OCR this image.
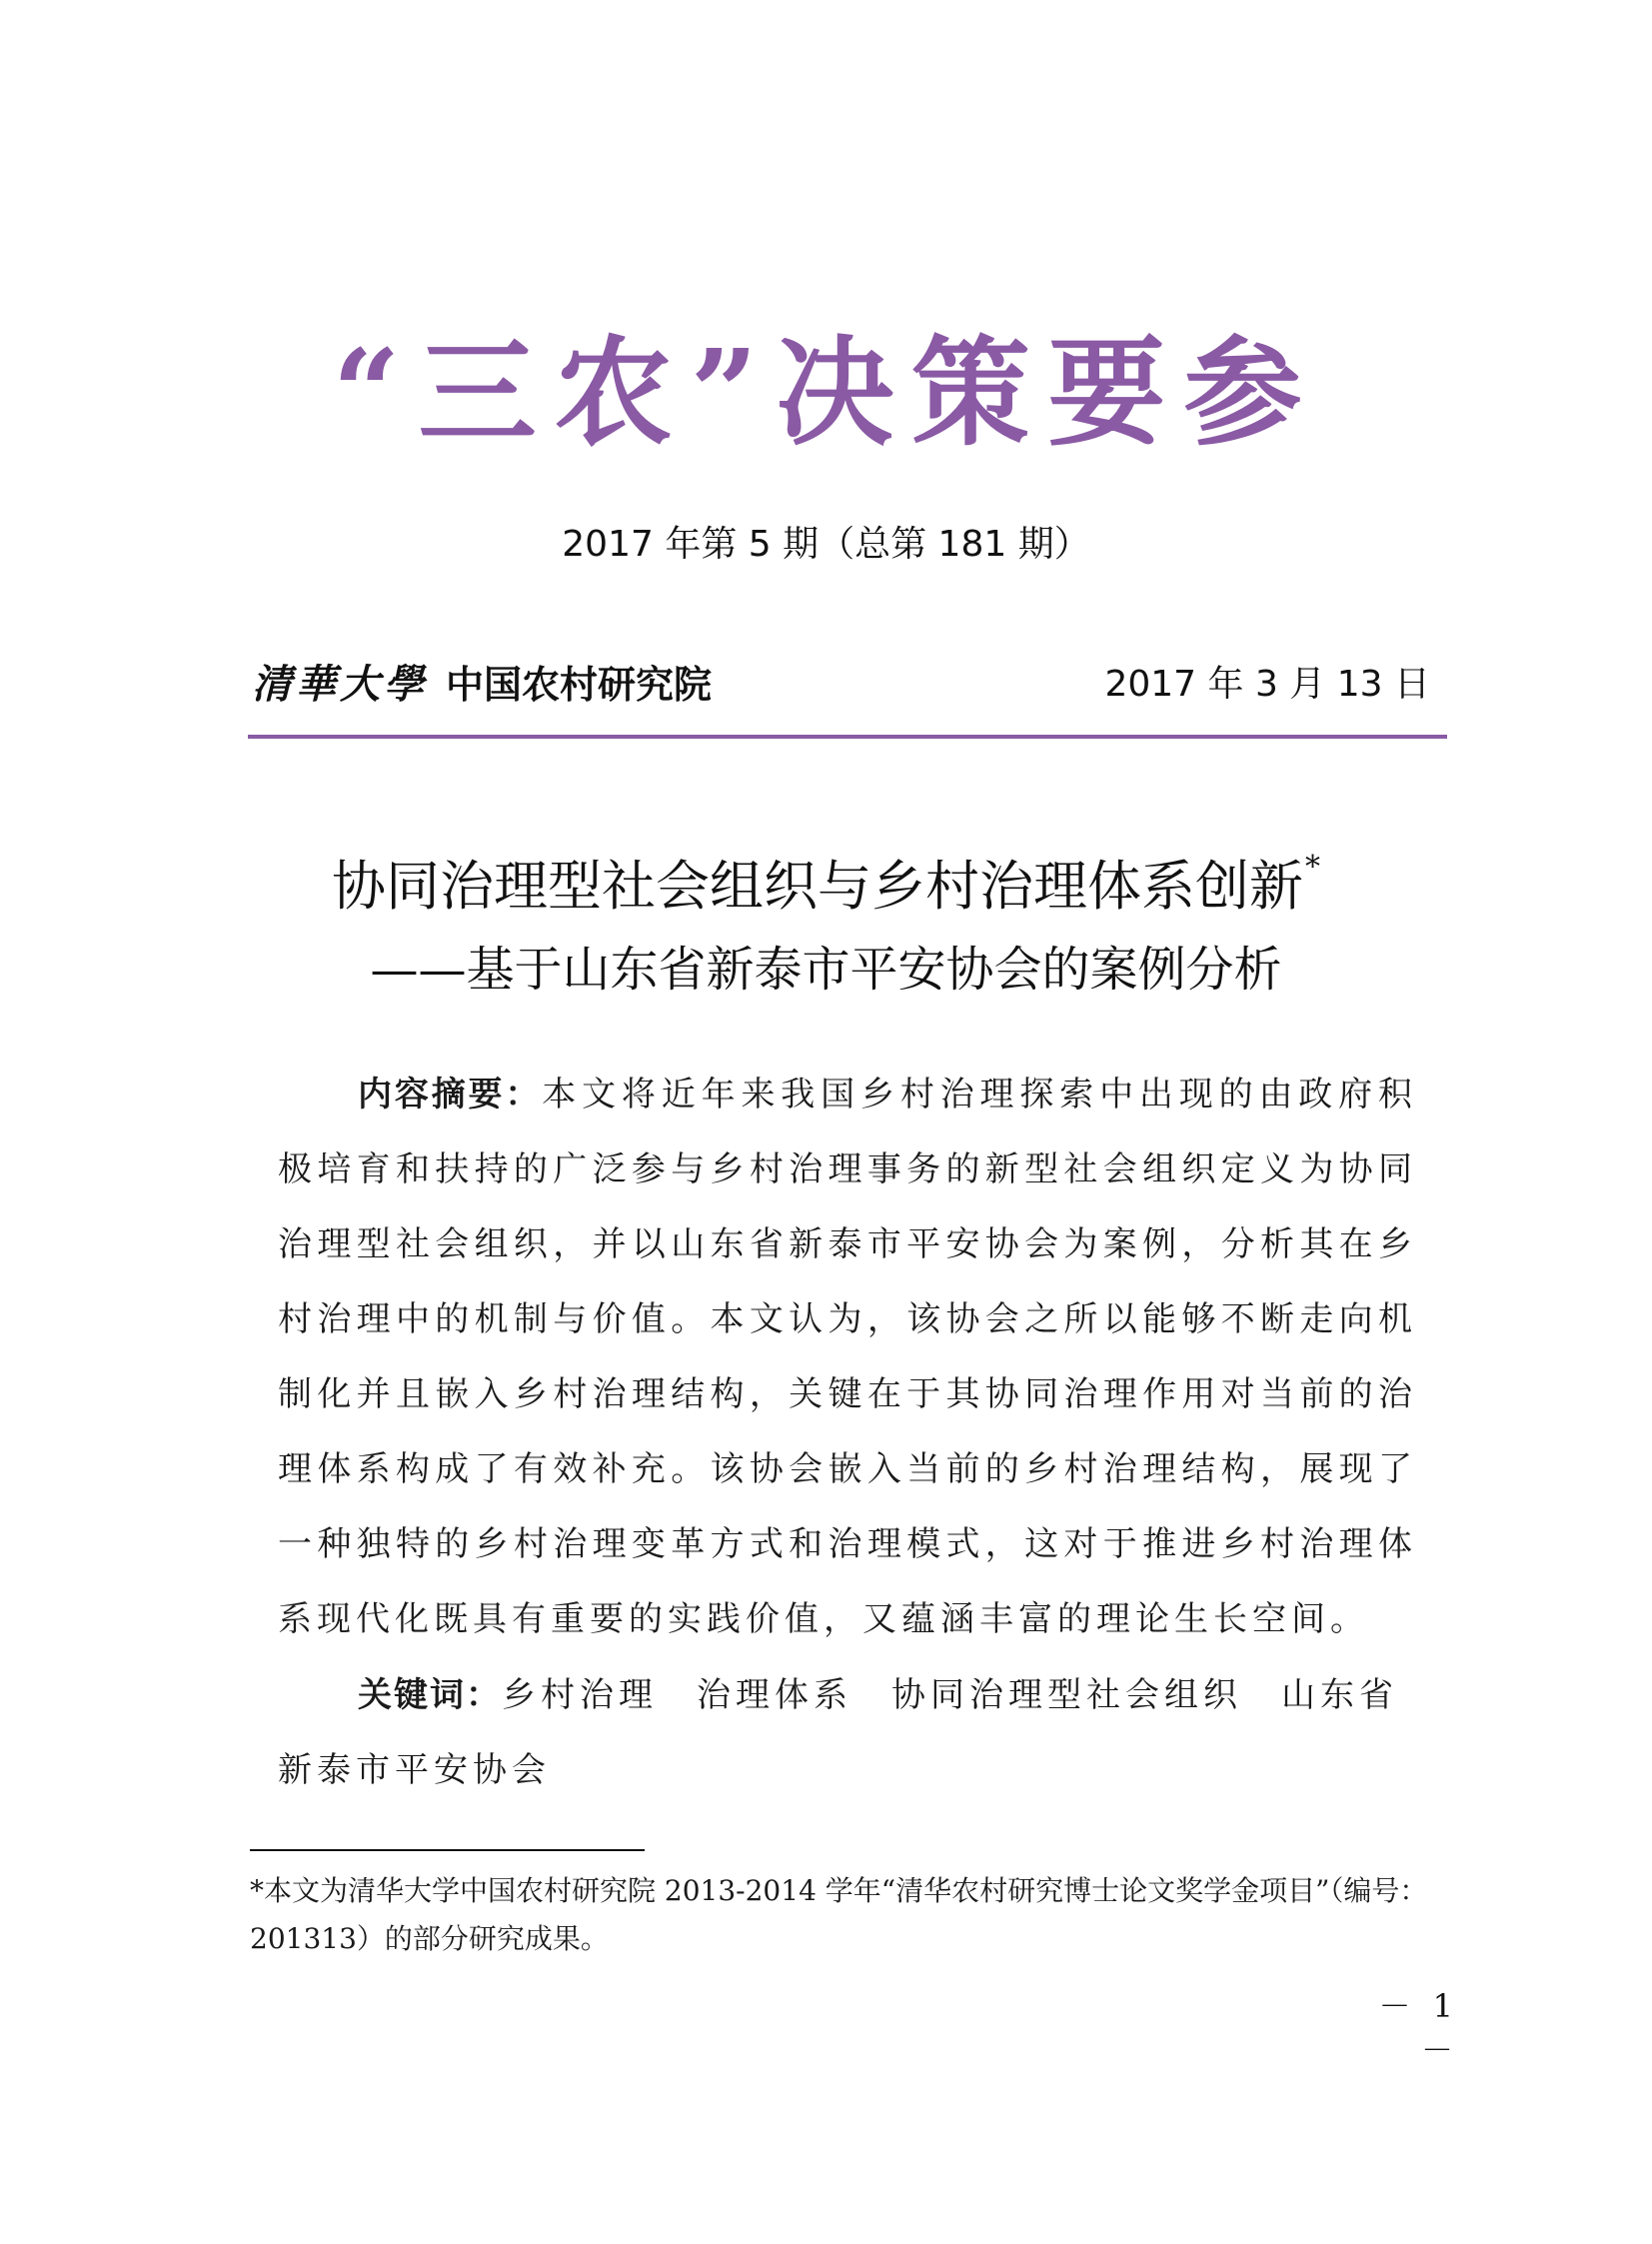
“三农”决策要参
2017 年第 5 期（总第 181 期）
清華大學 中国农村研究院	2017 年 3 月 13 日
协同治理型社会组织与乡村治理体系创新*
——基于山东省新泰市平安协会的案例分析

内容摘要：本文将近年来我国乡村治理探索中出现的由政府积极培育和扶持的广泛参与乡村治理事务的新型社会组织定义为协同治理型社会组织，并以山东省新泰市平安协会为案例，分析其在乡村治理中的机制与价值。本文认为，该协会之所以能够不断走向机制化并且嵌入乡村治理结构，关键在于其协同治理作用对当前的治理体系构成了有效补充。该协会嵌入当前的乡村治理结构，展现了一种独特的乡村治理变革方式和治理模式，这对于推进乡村治理体系现代化既具有重要的实践价值，又蕴涵丰富的理论生长空间。

关键词：乡村治理　治理体系　协同治理型社会组织　山东省新泰市平安协会

*本文为清华大学中国农村研究院 2013-2014 学年“清华农村研究博士论文奖学金项目”（编号：201313）的部分研究成果。

－ 1 －
